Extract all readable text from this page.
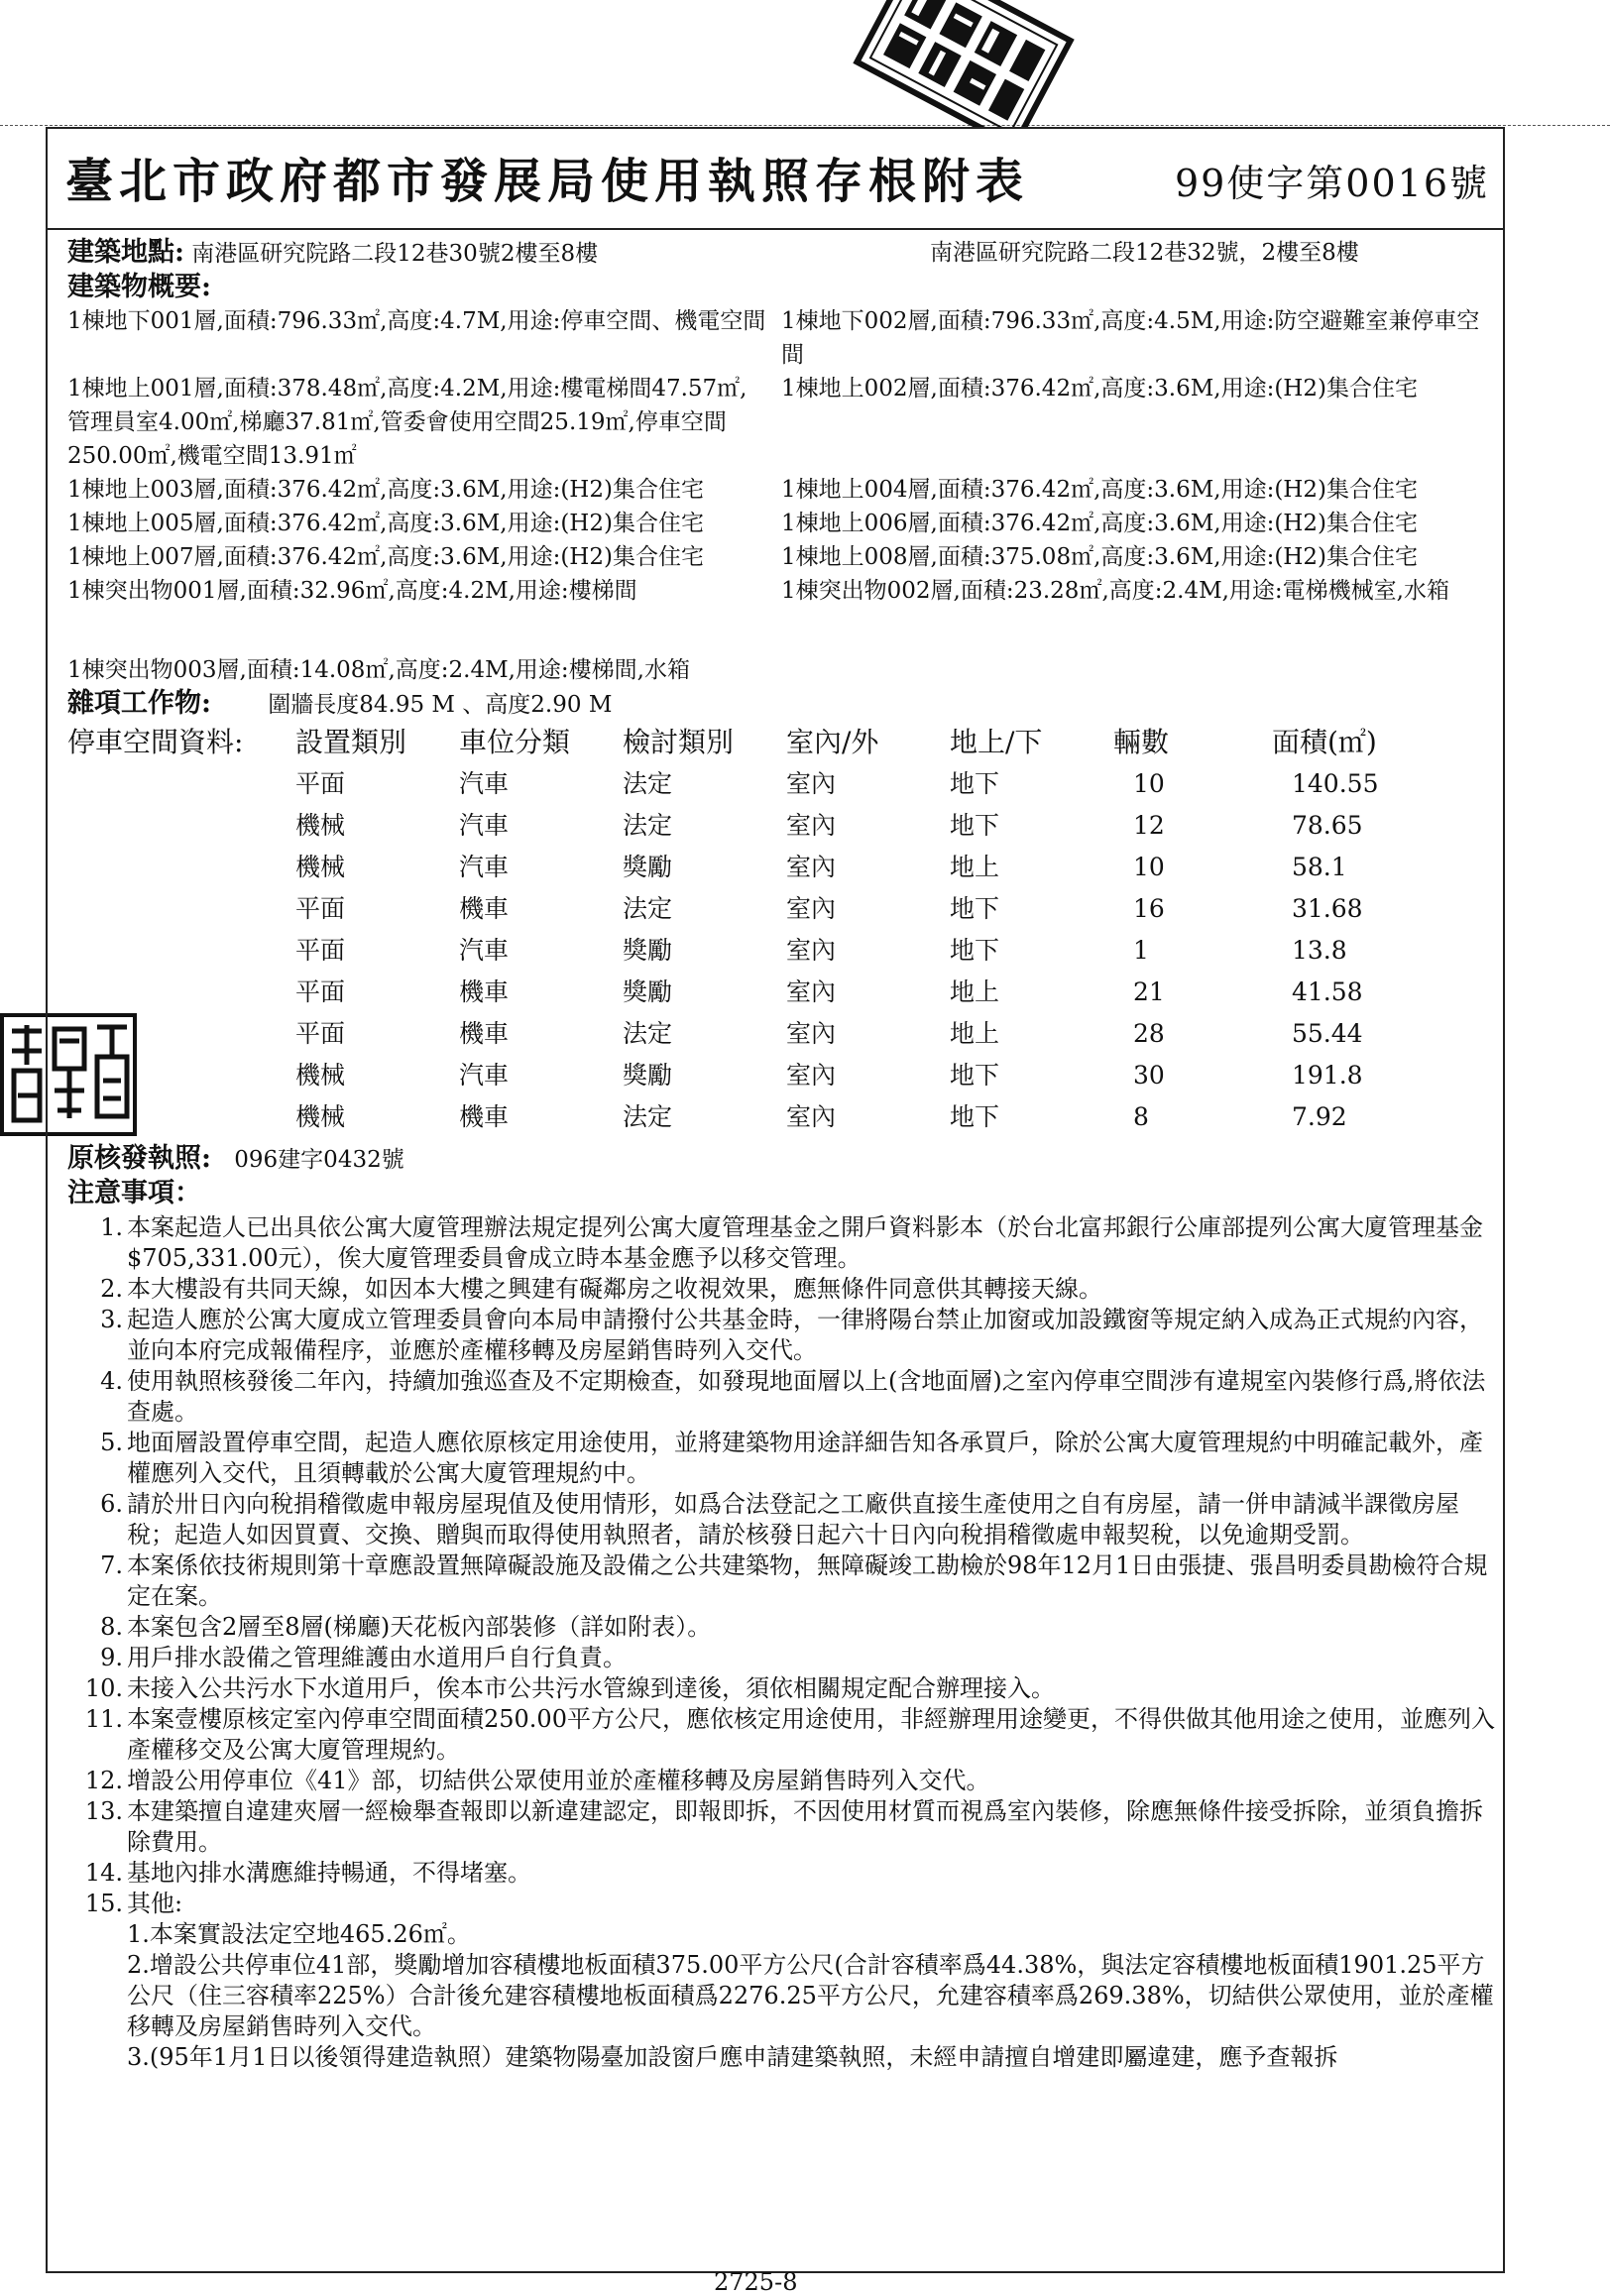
臺北市政府都市發展局使用執照存根附表	99使字第0016號
建築地點: 南港區研究院路二段12巷30號2樓至8樓	南港區研究院路二段12巷32號，2樓至8樓
建築物概要:
1棟地下001層,面積:796.33㎡,高度:4.7M,用途:停車空間、機電空間 1棟地下002層,面積:796.33㎡,高度:4.5M,用途:防空避難室兼停車空間
1棟地上001層,面積:378.48㎡,高度:4.2M,用途:樓電梯間47.57㎡,管理員室4.00㎡,梯廳37.81㎡,管委會使用空間25.19㎡,停車空間250.00㎡,機電空間13.91㎡
1棟地上002層,面積:376.42㎡,高度:3.6M,用途:(H2)集合住宅
1棟地上003層,面積:376.42㎡,高度:3.6M,用途:(H2)集合住宅	1棟地上004層,面積:376.42㎡,高度:3.6M,用途:(H2)集合住宅
1棟地上005層,面積:376.42㎡,高度:3.6M,用途:(H2)集合住宅	1棟地上006層,面積:376.42㎡,高度:3.6M,用途:(H2)集合住宅
1棟地上007層,面積:376.42㎡,高度:3.6M,用途:(H2)集合住宅	1棟地上008層,面積:375.08㎡,高度:3.6M,用途:(H2)集合住宅
1棟突出物001層,面積:32.96㎡,高度:4.2M,用途:樓梯間	1棟突出物002層,面積:23.28㎡,高度:2.4M,用途:電梯機械室,水箱
1棟突出物003層,面積:14.08㎡,高度:2.4M,用途:樓梯間,水箱
雜項工作物: 圍牆長度84.95 M 、高度2.90 M
停車空間資料:	設置類別	車位分類	檢討類別	室內/外	地上/下	輛數	面積(㎡)
	平面	汽車	法定	室內	地下	10	140.55
	機械	汽車	法定	室內	地下	12	78.65
	機械	汽車	獎勵	室內	地上	10	58.1
	平面	機車	法定	室內	地下	16	31.68
	平面	汽車	獎勵	室內	地下	1	13.8
	平面	機車	獎勵	室內	地上	21	41.58
	平面	機車	法定	室內	地上	28	55.44
	機械	汽車	獎勵	室內	地下	30	191.8
	機械	機車	法定	室內	地下	8	7.92
原核發執照: 096建字0432號
注意事項：
1. 本案起造人已出具依公寓大廈管理辦法規定提列公寓大廈管理基金之開戶資料影本（於台北富邦銀行公庫部提列公寓大廈管理基金$705,331.00元），俟大廈管理委員會成立時本基金應予以移交管理。
2. 本大樓設有共同天線，如因本大樓之興建有礙鄰房之收視效果，應無條件同意供其轉接天線。
3. 起造人應於公寓大廈成立管理委員會向本局申請撥付公共基金時，一律將陽台禁止加窗或加設鐵窗等規定納入成為正式規約內容，並向本府完成報備程序，並應於產權移轉及房屋銷售時列入交代。
4. 使用執照核發後二年內，持續加強巡查及不定期檢查，如發現地面層以上(含地面層)之室內停車空間涉有違規室內裝修行爲,將依法查處。
5. 地面層設置停車空間，起造人應依原核定用途使用，並將建築物用途詳細告知各承買戶，除於公寓大廈管理規約中明確記載外，產權應列入交代，且須轉載於公寓大廈管理規約中。
6. 請於卅日內向稅捐稽徵處申報房屋現值及使用情形，如爲合法登記之工廠供直接生產使用之自有房屋，請一併申請減半課徵房屋稅；起造人如因買賣、交換、贈與而取得使用執照者，請於核發日起六十日內向稅捐稽徵處申報契稅，以免逾期受罰。
7. 本案係依技術規則第十章應設置無障礙設施及設備之公共建築物，無障礙竣工勘檢於98年12月1日由張捷、張昌明委員勘檢符合規定在案。
8. 本案包含2層至8層(梯廳)天花板內部裝修（詳如附表）。
9. 用戶排水設備之管理維護由水道用戶自行負責。
10. 未接入公共污水下水道用戶，俟本市公共污水管線到達後，須依相關規定配合辦理接入。
11. 本案壹樓原核定室內停車空間面積250.00平方公尺，應依核定用途使用，非經辦理用途變更，不得供做其他用途之使用，並應列入產權移交及公寓大廈管理規約。
12. 增設公用停車位《41》部，切結供公眾使用並於產權移轉及房屋銷售時列入交代。
13. 本建築擅自違建夾層一經檢舉查報即以新違建認定，即報即拆，不因使用材質而視爲室內裝修，除應無條件接受拆除，並須負擔拆除費用。
14. 基地內排水溝應維持暢通，不得堵塞。
15. 其他:
1.本案實設法定空地465.26㎡。
2.增設公共停車位41部，獎勵增加容積樓地板面積375.00平方公尺(合計容積率爲44.38%，與法定容積樓地板面積1901.25平方公尺（住三容積率225%）合計後允建容積樓地板面積爲2276.25平方公尺，允建容積率爲269.38%，切結供公眾使用，並於產權移轉及房屋銷售時列入交代。
3.(95年1月1日以後領得建造執照）建築物陽臺加設窗戶應申請建築執照，未經申請擅自增建即屬違建，應予查報拆
2725-8
